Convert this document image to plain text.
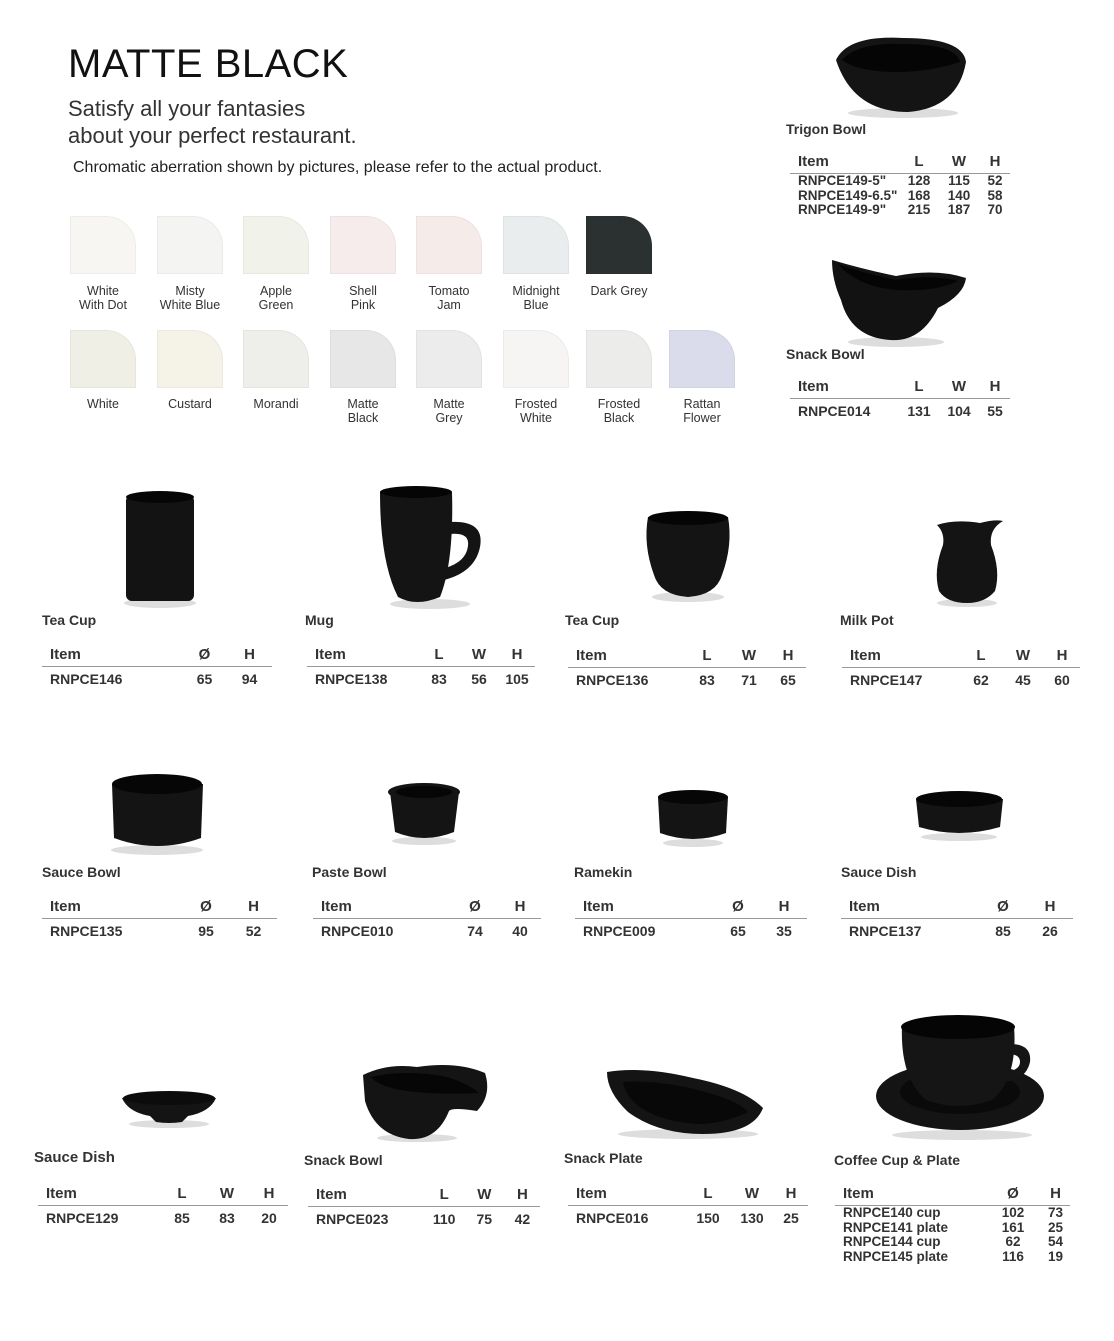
MATTE BLACK
Satisfy all your fantasies
about your perfect restaurant.
Chromatic aberration shown by pictures, please refer to the actual product.
White
With Dot
Misty
White Blue
Apple
Green
Shell
Pink
Tomato
Jam
Midnight
Blue
Dark Grey
White	Custard	Morandi	Matte
Black
Matte
Grey
Frosted
White
Frosted
Black
Rattan
Flower
Trigon Bowl
Item	L	W	H
RNPCE149-5"	128	115	52
RNPCE149-6.5"	168	140	58
RNPCE149-9"	215	187	70
Snack Bowl
Item	L	W	H
RNPCE014	131	104	55
Tea Cup
Item	Ø	H
RNPCE146	65	94
Mug
Item	L	W	H
RNPCE138	83	56	105
Tea Cup
Item	L	W	H
RNPCE136	83	71	65
Milk Pot
Item	L	W	H
RNPCE147	62	45	60
Sauce Bowl
Item	Ø	H
RNPCE135	95	52
Paste Bowl
Item	Ø	H
RNPCE010	74	40
Ramekin
Item	Ø	H
RNPCE009	65	35
Sauce Dish
Item	Ø	H
RNPCE137	85	26
Sauce Dish
Item	L	W	H
RNPCE129	85	83	20
Snack Bowl
Item	L	W	H
RNPCE023	110	75	42
Snack Plate
Item	L	W	H
RNPCE016	150	130	25
Coffee Cup & Plate
Item	Ø	H
RNPCE140 cup	102	73
RNPCE141 plate	161	25
RNPCE144 cup	62	54
RNPCE145 plate	116	19
